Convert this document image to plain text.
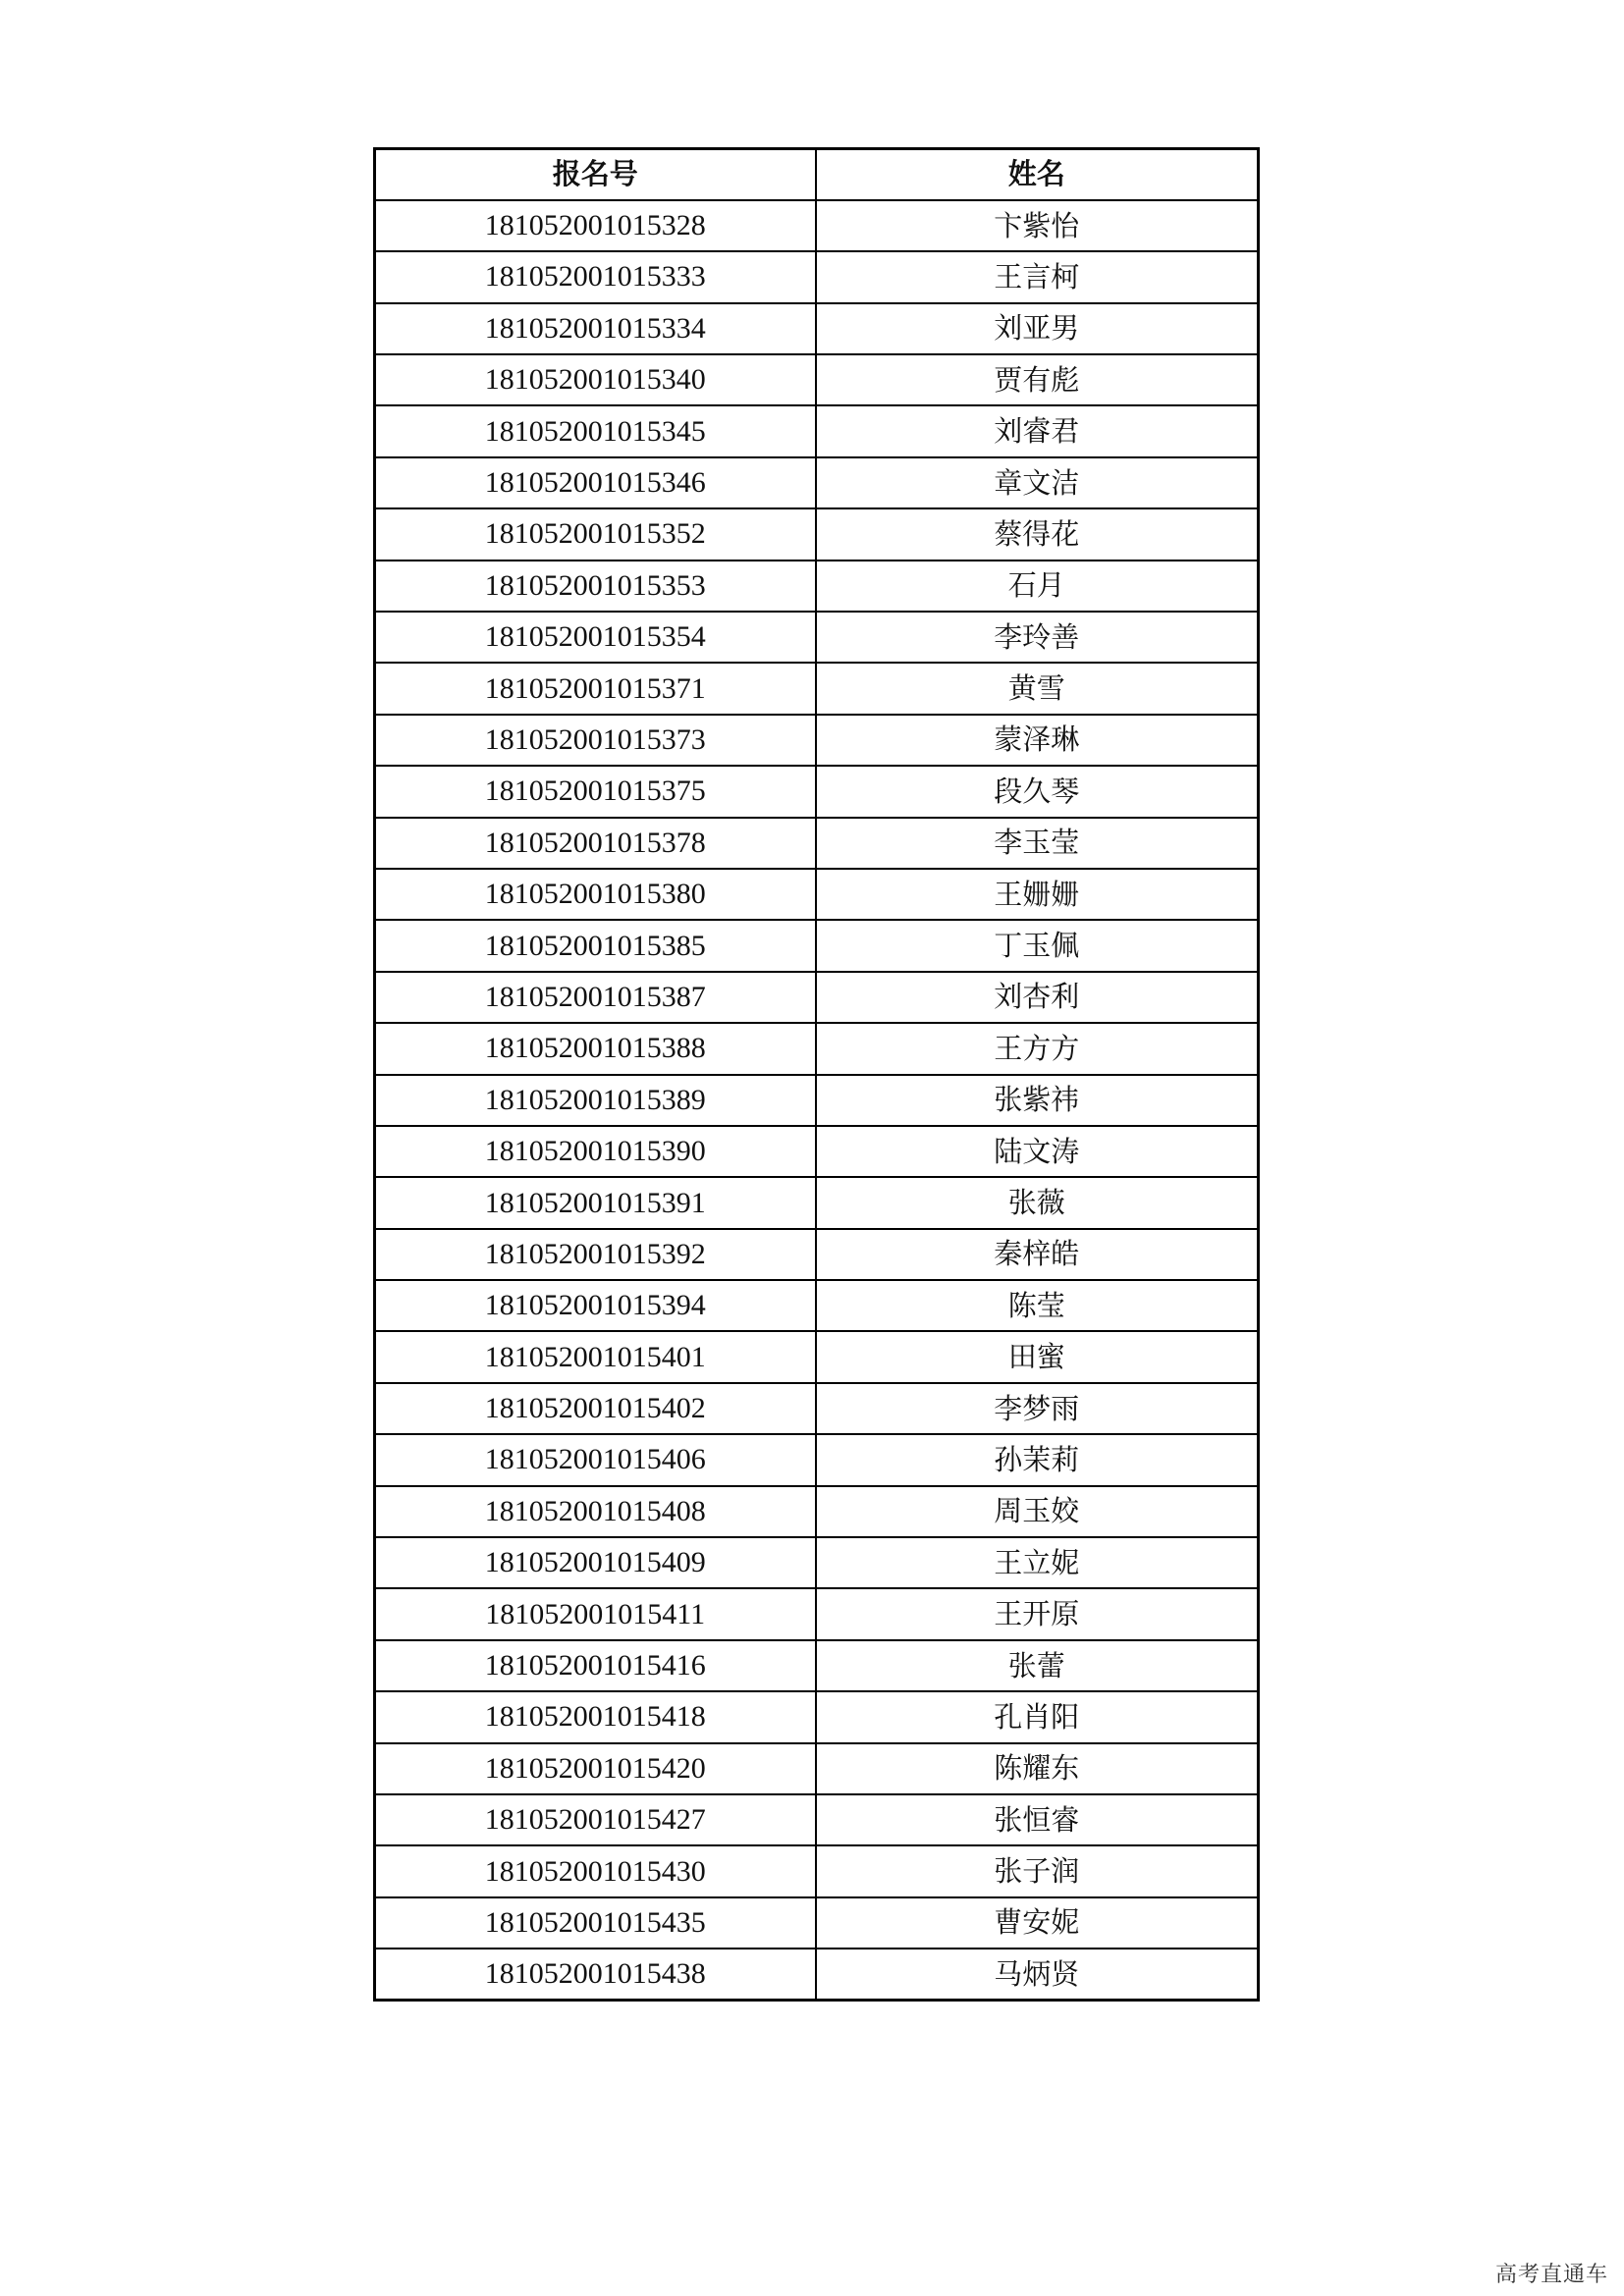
报名号	姓名
181052001015328	卞紫怡
181052001015333	王言柯
181052001015334	刘亚男
181052001015340	贾有彪
181052001015345	刘睿君
181052001015346	章文洁
181052001015352	蔡得花
181052001015353	石月
181052001015354	李玲善
181052001015371	黄雪
181052001015373	蒙泽琳
181052001015375	段久琴
181052001015378	李玉莹
181052001015380	王姗姗
181052001015385	丁玉佩
181052001015387	刘杏利
181052001015388	王方方
181052001015389	张紫祎
181052001015390	陆文涛
181052001015391	张薇
181052001015392	秦梓皓
181052001015394	陈莹
181052001015401	田蜜
181052001015402	李梦雨
181052001015406	孙茉莉
181052001015408	周玉姣
181052001015409	王立妮
181052001015411	王开原
181052001015416	张蕾
181052001015418	孔肖阳
181052001015420	陈耀东
181052001015427	张恒睿
181052001015430	张子润
181052001015435	曹安妮
181052001015438	马炳贤
高考直通车
